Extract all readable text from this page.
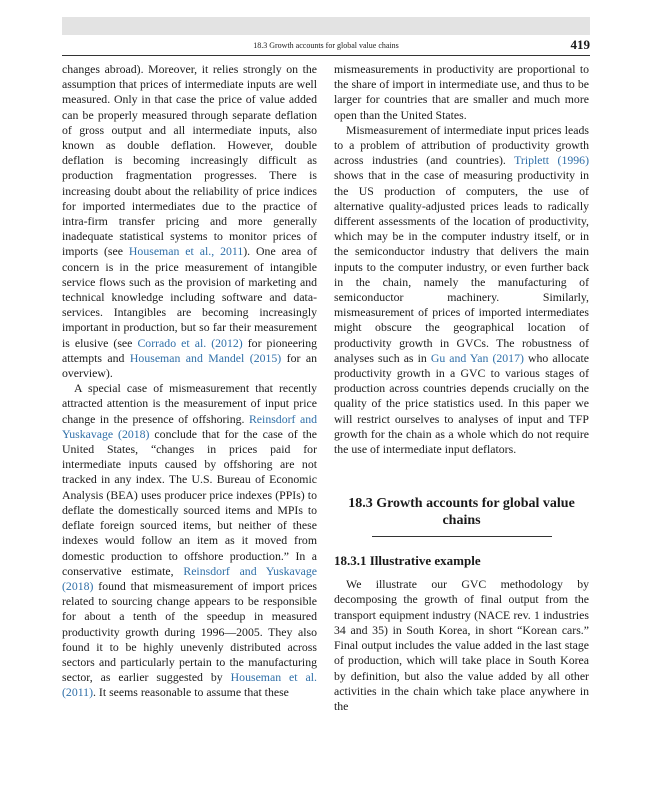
18.3 Growth accounts for global value chains	419

changes abroad). Moreover, it relies strongly on the assumption that prices of intermediate inputs are well measured. Only in that case the price of value added can be properly measured through separate deflation of gross output and all intermediate inputs, also known as double deflation. However, double deflation is becoming increasingly difficult as production fragmentation progresses. There is increasing doubt about the reliability of price indices for imported intermediates due to the practice of intra-firm transfer pricing and more generally inadequate statistical systems to monitor prices of imports (see Houseman et al., 2011). One area of concern is in the price measurement of intangible service flows such as the provision of marketing and technical knowledge including software and data-services. Intangibles are becoming increasingly important in production, but so far their measurement is elusive (see Corrado et al. (2012) for pioneering attempts and Houseman and Mandel (2015) for an overview).

A special case of mismeasurement that recently attracted attention is the measurement of input price change in the presence of offshoring. Reinsdorf and Yuskavage (2018) conclude that for the case of the United States, “changes in prices paid for intermediate inputs caused by offshoring are not tracked in any index. The U.S. Bureau of Economic Analysis (BEA) uses producer price indexes (PPIs) to deflate the domestically sourced items and MPIs to deflate foreign sourced items, but neither of these indexes would follow an item as it moved from domestic production to offshore production.” In a conservative estimate, Reinsdorf and Yuskavage (2018) found that mismeasurement of import prices related to sourcing change appears to be responsible for about a tenth of the speedup in measured productivity growth during 1996—2005. They also found it to be highly unevenly distributed across sectors and particularly pertain to the manufacturing sector, as earlier suggested by Houseman et al. (2011). It seems reasonable to assume that these

mismeasurements in productivity are proportional to the share of import in intermediate use, and thus to be larger for countries that are smaller and much more open than the United States.

Mismeasurement of intermediate input prices leads to a problem of attribution of productivity growth across industries (and countries). Triplett (1996) shows that in the case of measuring productivity in the US production of computers, the use of alternative quality-adjusted prices leads to radically different assessments of the location of productivity, which may be in the computer industry itself, or in the semiconductor industry that delivers the main inputs to the computer industry, or even further back in the chain, namely the manufacturing of semiconductor machinery. Similarly, mismeasurement of prices of imported intermediates might obscure the geographical location of productivity growth in GVCs. The robustness of analyses such as in Gu and Yan (2017) who allocate productivity growth in a GVC to various stages of production across countries depends crucially on the quality of the price statistics used. In this paper we will restrict ourselves to analyses of input and TFP growth for the chain as a whole which do not require the use of intermediate input deflators.

18.3 Growth accounts for global value chains
18.3.1 Illustrative example

We illustrate our GVC methodology by decomposing the growth of final output from the transport equipment industry (NACE rev. 1 industries 34 and 35) in South Korea, in short “Korean cars.” Final output includes the value added in the last stage of production, which will take place in South Korea by definition, but also the value added by all other activities in the chain which take place anywhere in the
